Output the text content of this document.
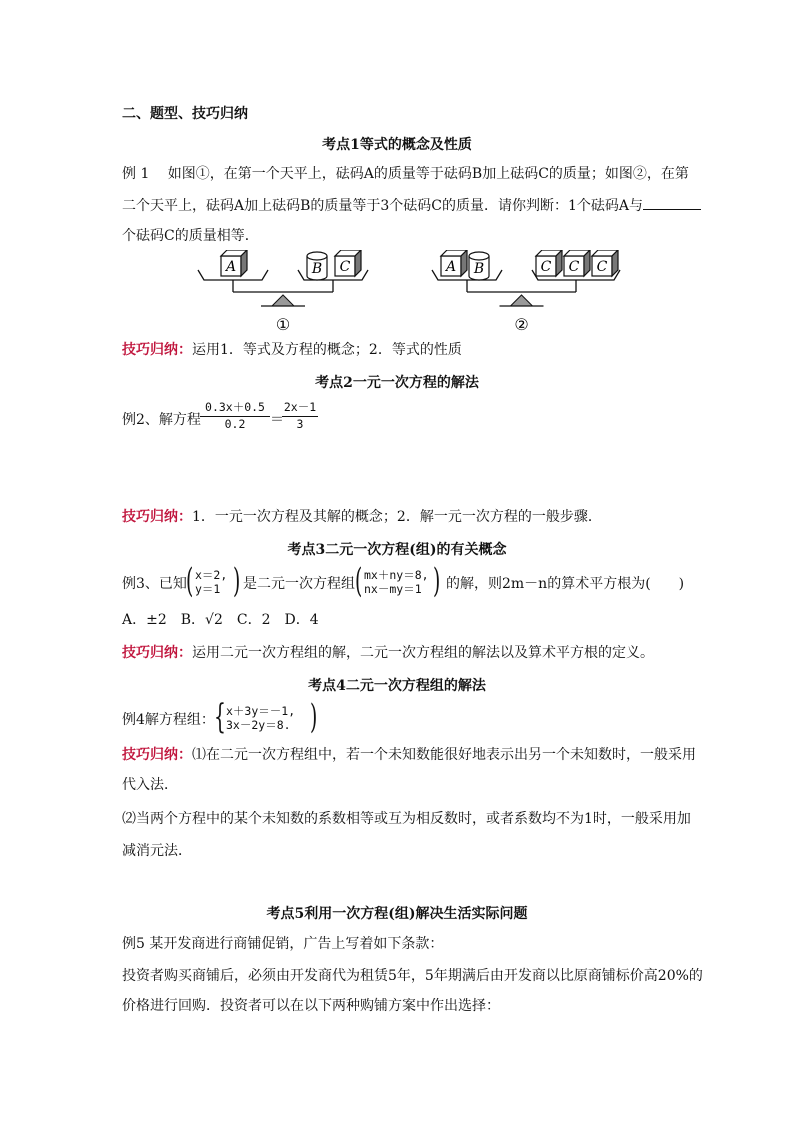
二、题型、技巧归纳
考点1等式的概念及性质
例 1　 如图①，在第一个天平上，砝码A的质量等于砝码B加上砝码C的质量；如图②，在第
二个天平上，砝码A加上砝码B的质量等于3个砝码C的质量．请你判断：1个砝码A与
个砝码C的质量相等．
A	B C
①
A B	C C C
②
技巧归纳：运用1．等式及方程的概念；2．等式的性质
考点2一元一次方程的解法
例2、解方程 $\frac{0.3x+0.5}{0.2}$ ＝
$\frac{2x-1}{3}$
技巧归纳：1．一元一次方程及其解的概念；2．解一元一次方程的一般步骤．
考点3二元一次方程(组)的有关概念
例3、已知 ( x＝2,
y＝1 ) 是二元一次方程组 ( mx＋ny＝8,
nx－my＝1 ) 的解，则2m－n的算术平方根为(　　)
A．±2　B．√2　C．2　D．4
技巧归纳：运用二元一次方程组的解，二元一次方程组的解法以及算术平方根的定义。
考点4二元一次方程组的解法
例4解方程组： { x＋3y＝－1,
3x－2y＝8. )
技巧归纳：⑴在二元一次方程组中，若一个未知数能很好地表示出另一个未知数时，一般采用
代入法．
⑵当两个方程中的某个未知数的系数相等或互为相反数时，或者系数均不为1时，一般采用加
减消元法．
考点5利用一次方程(组)解决生活实际问题
例5 某开发商进行商铺促销，广告上写着如下条款：
投资者购买商铺后，必须由开发商代为租赁5年，5年期满后由开发商以比原商铺标价高20%的
价格进行回购．投资者可以在以下两种购铺方案中作出选择：
